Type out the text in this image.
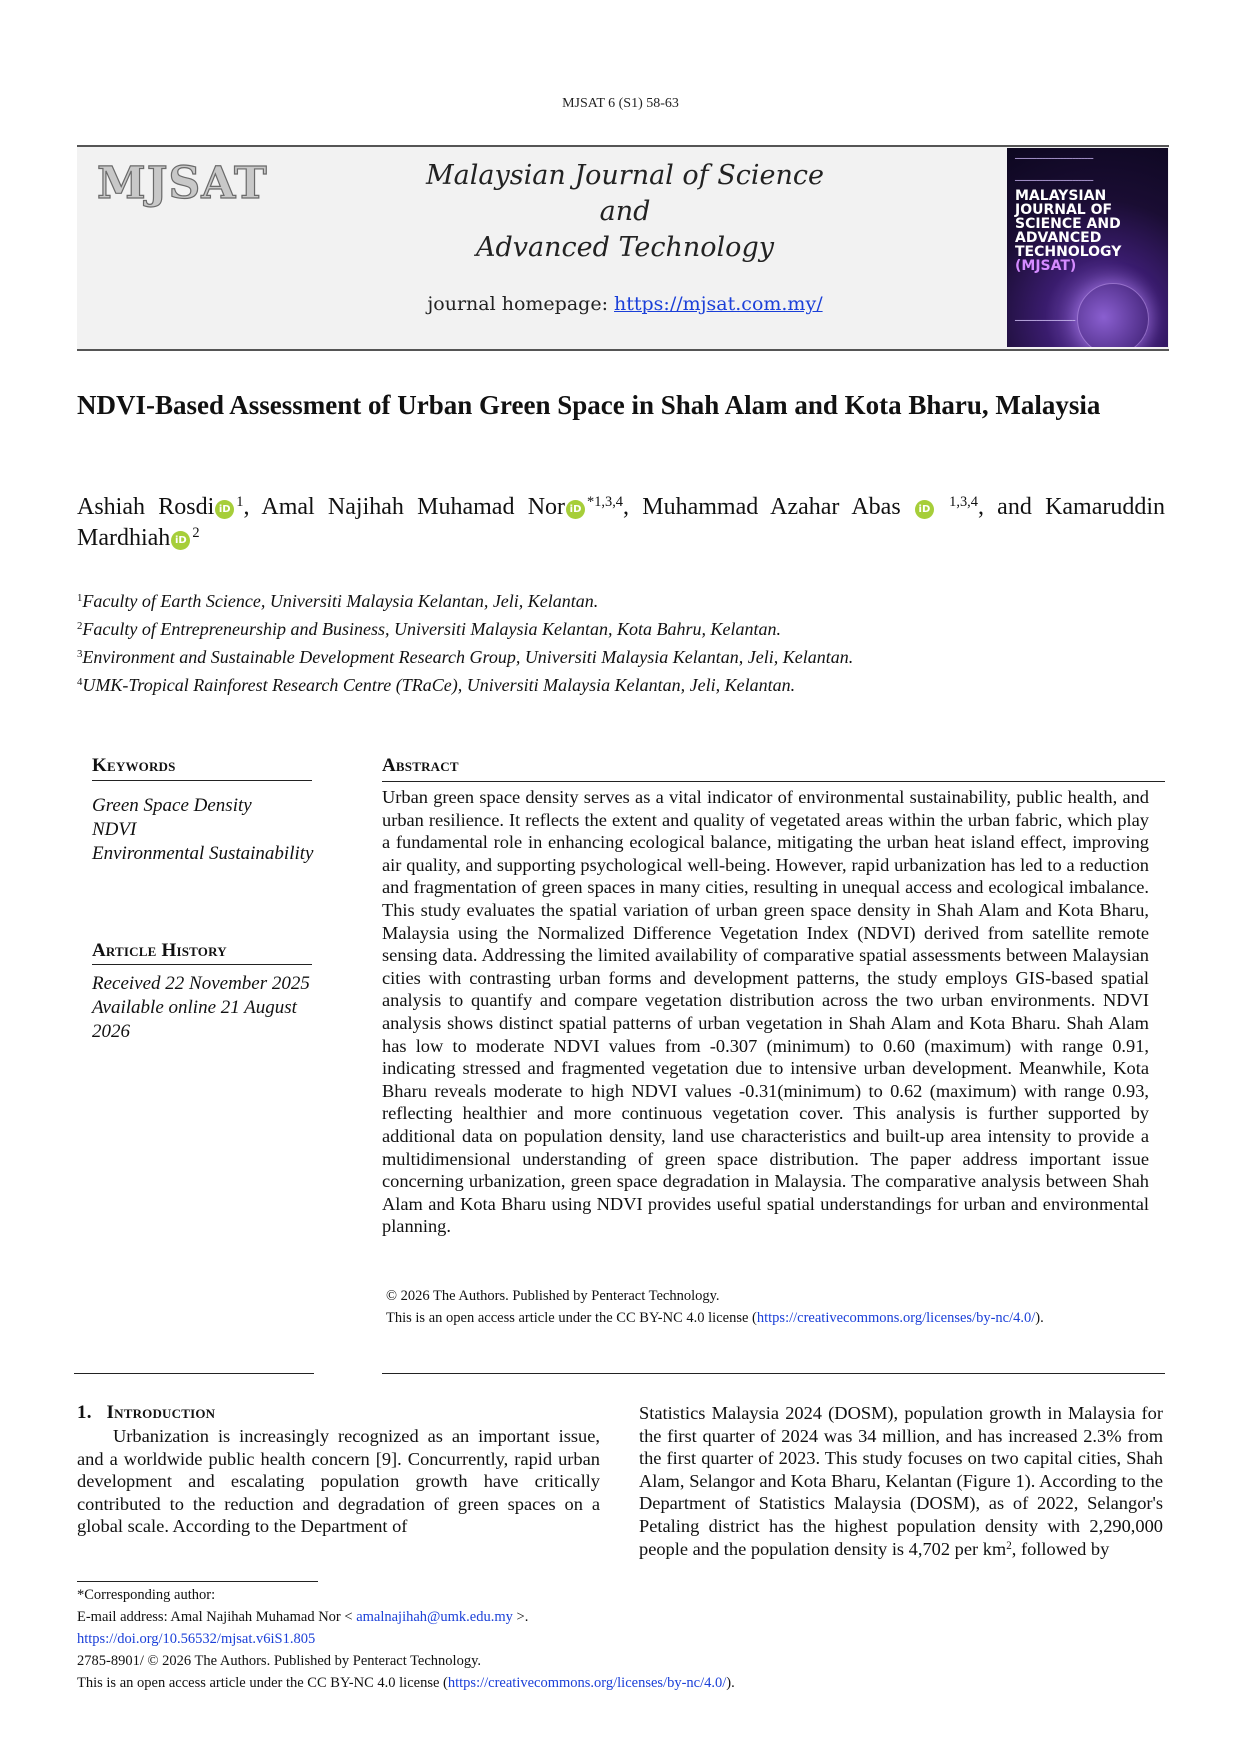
MJSAT 6 (S1) 58-63
MJSAT	Malaysian Journal of Science
and
Advanced Technology
journal homepage: https://mjsat.com.my/
━━━━━━━━━━━━━━━━━━━━━━━━━━
━━━━━━━━━━━━━━━━━━━━━━━━━━
MALAYSIAN JOURNAL OF SCIENCE AND ADVANCED TECHNOLOGY
(MJSAT)
━━━━━━━━━━━━━━━━━━━━
NDVI-Based Assessment of Urban Green Space in Shah Alam and Kota Bharu, Malaysia
Ashiah Rosdi iD $^1$, Amal Najihah Muhamad Nor iD $^{*1,3,4}$, Muhammad Azahar Abas iD $^{1,3,4}$, and Kamaruddin Mardhiah iD $^2$
$^1$Faculty of Earth Science, Universiti Malaysia Kelantan, Jeli, Kelantan.
$^2$Faculty of Entrepreneurship and Business, Universiti Malaysia Kelantan, Kota Bahru, Kelantan.
$^3$Environment and Sustainable Development Research Group, Universiti Malaysia Kelantan, Jeli, Kelantan.
$^4$UMK-Tropical Rainforest Research Centre (TRaCe), Universiti Malaysia Kelantan, Jeli, Kelantan.
Keywords
Green Space Density
NDVI
Environmental Sustainability
Article History
Received 22 November 2025
Available online 21 August 2026
Abstract
Urban green space density serves as a vital indicator of environmental sustainability, public health, and urban resilience. It reflects the extent and quality of vegetated areas within the urban fabric, which play a fundamental role in enhancing ecological balance, mitigating the urban heat island effect, improving air quality, and supporting psychological well-being. However, rapid urbanization has led to a reduction and fragmentation of green spaces in many cities, resulting in unequal access and ecological imbalance. This study evaluates the spatial variation of urban green space density in Shah Alam and Kota Bharu, Malaysia using the Normalized Difference Vegetation Index (NDVI) derived from satellite remote sensing data. Addressing the limited availability of comparative spatial assessments between Malaysian cities with contrasting urban forms and development patterns, the study employs GIS-based spatial analysis to quantify and compare vegetation distribution across the two urban environments. NDVI analysis shows distinct spatial patterns of urban vegetation in Shah Alam and Kota Bharu. Shah Alam has low to moderate NDVI values from -0.307 (minimum) to 0.60 (maximum) with range 0.91, indicating stressed and fragmented vegetation due to intensive urban development. Meanwhile, Kota Bharu reveals moderate to high NDVI values -0.31(minimum) to 0.62 (maximum) with range 0.93, reflecting healthier and more continuous vegetation cover. This analysis is further supported by additional data on population density, land use characteristics and built-up area intensity to provide a multidimensional understanding of green space distribution. The paper address important issue concerning urbanization, green space degradation in Malaysia. The comparative analysis between Shah Alam and Kota Bharu using NDVI provides useful spatial understandings for urban and environmental planning.
© 2026 The Authors. Published by Penteract Technology.
This is an open access article under the CC BY-NC 4.0 license (https://creativecommons.org/licenses/by-nc/4.0/).
1. Introduction
Urbanization is increasingly recognized as an important issue, and a worldwide public health concern [9]. Concurrently, rapid urban development and escalating population growth have critically contributed to the reduction and degradation of green spaces on a global scale. According to the Department of
Statistics Malaysia 2024 (DOSM), population growth in Malaysia for the first quarter of 2024 was 34 million, and has increased 2.3% from the first quarter of 2023. This study focuses on two capital cities, Shah Alam, Selangor and Kota Bharu, Kelantan (Figure 1). According to the Department of Statistics Malaysia (DOSM), as of 2022, Selangor's Petaling district has the highest population density with 2,290,000 people and the population density is 4,702 per $km^2$, followed by
*Corresponding author:
E-mail address: Amal Najihah Muhamad Nor < amalnajihah@umk.edu.my >.
https://doi.org/10.56532/mjsat.v6iS1.805
2785-8901/ © 2026 The Authors. Published by Penteract Technology.
This is an open access article under the CC BY-NC 4.0 license (https://creativecommons.org/licenses/by-nc/4.0/).
